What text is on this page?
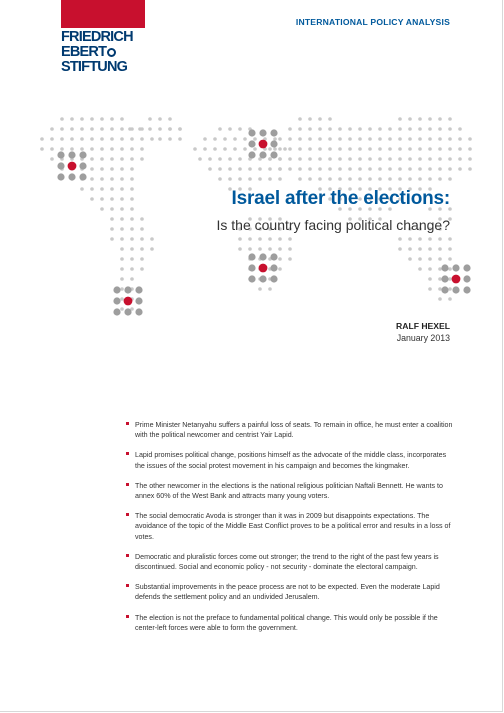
FRIEDRICH
EBERT
STIFTUNG
INTERNATIONAL POLICY ANALYSIS
Israel after the elections:
Is the country facing political change?
RALF HEXEL
January 2013
Prime Minister Netanyahu suffers a painful loss of seats. To remain in office, he must enter a coalition with the political newcomer and centrist Yair Lapid.
Lapid promises political change, positions himself as the advocate of the middle class, incorporates the issues of the social protest movement in his campaign and becomes the kingmaker.
The other newcomer in the elections is the national religious politician Naftali Bennett. He wants to annex 60% of the West Bank and attracts many young voters.
The social democratic Avoda is stronger than it was in 2009 but disappoints expectations. The avoidance of the topic of the Middle East Conflict proves to be a political error and results in a loss of votes.
Democratic and pluralistic forces come out stronger; the trend to the right of the past few years is discontinued. Social and economic policy - not security - dominate the electoral campaign.
Substantial improvements in the peace process are not to be expected. Even the moderate Lapid defends the settlement policy and an undivided Jerusalem.
The election is not the preface to fundamental political change. This would only be possible if the center-left forces were able to form the government.
